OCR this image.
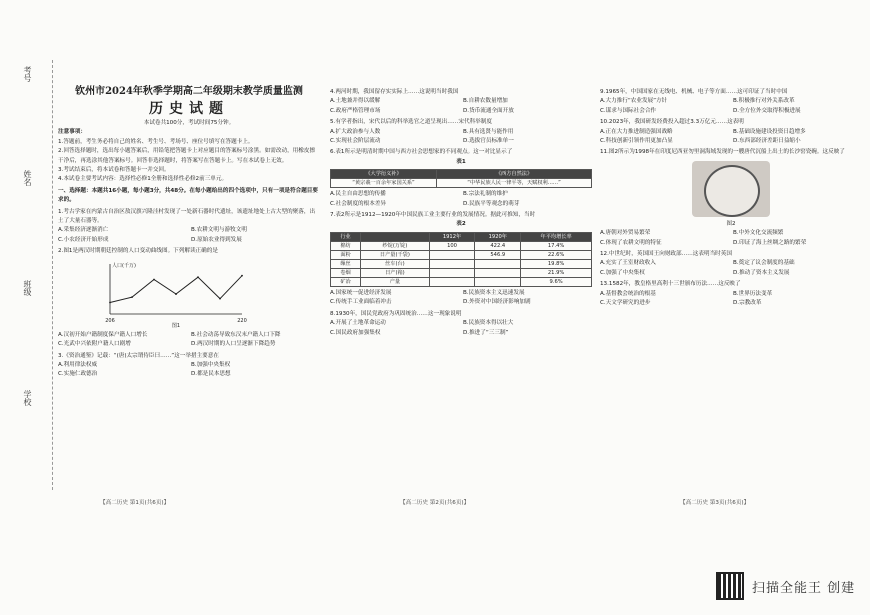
考号
姓名
班级
学校
钦州市2024年秋季学期高二年级期末教学质量监测
历史试题
本试卷共100分，考试时间75分钟。
注意事项：
1.答题前，考生务必将自己的姓名、考生号、考场号、座位号填写在答题卡上。
2.回答选择题时，选出每小题答案后，用铅笔把答题卡上对应题目的答案标号涂黑。如需改动，用橡皮擦干净后，再选涂其他答案标号。回答非选择题时，将答案写在答题卡上。写在本试卷上无效。
3.考试结束后，将本试卷和答题卡一并交回。
4.本试卷主要考试内容：选择性必修1全册和选择性必修2前三单元。
一、选择题：本题共16小题，每小题3分，共48分。在每小题给出的四个选项中，只有一项是符合题目要求的。
1.考古学家在内蒙古自治区敖汉旗兴隆洼村发现了一处新石器时代遗址，该遗址地处上古大型的聚落，出土了大量石器等。
A.采集经济逐渐消亡	B.农耕文明与游牧文明
C.小农经济开始形成	D.原始农业得到发展
2.图1是两汉时期朝廷控制的人口变动曲线图。下列解读正确的是
人口(千万)
206	220
图1
A.汉初开始户籍制度保户籍人口增长	B.社会动荡导致东汉末户籍人口下降
C.光武中兴依附户籍人口剧增	D.两汉时期的人口呈逐渐下降趋势
3.《资治通鉴》记载：“(唐)太宗谓侍臣曰……”这一举措主要意在
A.利用律法权威	B.加强中央集权
C.实施仁政德治	D.都是民本思想
4.两河时期，我国留存实实际上……这说明当时我国
A.土地兼并得以缓解	B.自耕农数量增加
C.政府严格管理市场	D.货币流通全面开放
5.有学者指出，宋代以后的科举选官之道呈现出……宋代科举制度
A.扩大政治参与人数	B.具有选贤与能作用
C.实现社会阶层流动	D.选拔官员标准单一
6.表1所示是明清时期中国与西方社会思想家的不同观点。这一对比显示了
表1
《大学衍义补》	《西方自然法》
“黄宗羲一百余年家国关系”	“中华民族人民一律平等，天赋权利……”
A.民主自由思想的传播	B.宗法礼制的维护
C.社会制度的根本差异	D.民族平等观念的萌芽
7.表2所示是1912—1920年中国民族工业主要行业的发展情况。据此可推知，当时
表2
行业		1912年	1920年	年平均增长率
棉纺	纱锭(万锭)	100	422.4	17.4%
面粉	日产量(千袋)		546.9	22.6%
缫丝	丝车(台)			19.8%
卷烟	日产(箱)			21.9%
矿冶	产量			9.6%
A.国家统一促进经济发展	B.民族资本主义迅速发展
C.传统手工业面临着冲击	D.外资对中国经济影响加剧
8.1930年，国民党政府为巩固统治……这一现象说明
A.开展了土地革命运动	B.民族资本得以壮大
C.国民政府加强集权	D.推进了“三三制”
9.1965年，中国国家在无线电、机械、电子等方面……这可印证了当时中国
A.大力推行“农业发展”方针	B.积极推行对外关系改革
C.谋求与国际社会合作	D.全方位外交取得积极进展
10.2023年，我国研发经费投入超过3.3万亿元……这表明
A.正在大力推进制造强国战略	B.基础设施建设投资日趋增多
C.科技创新引领作用更加凸显	D.东西部经济差距日益缩小
11.图2所示为1998年在印度尼西亚勿里洞海域发现的一艘唐代沉船上出土的长沙窑瓷碗。这反映了
图2
A.唐朝对外贸易繁荣	B.中外文化交流频繁
C.体现了农耕文明的特征	D.印证了海上丝绸之路的繁荣
12.中世纪时，英国国王向财政部……这表明当时英国
A.充实了王室财政收入	B.奠定了议会制度的基础
C.加强了中央集权	D.推动了资本主义发展
13.1582年，教皇格里高利十三世颁布历法……这反映了
A.基督教会统治的根基	B.世界历法变革
C.天文学研究的进步	D.宗教改革
【高二历史 第1页(共6页)】	【高二历史 第2页(共6页)】	【高二历史 第3页(共6页)】
扫描全能王 创建
